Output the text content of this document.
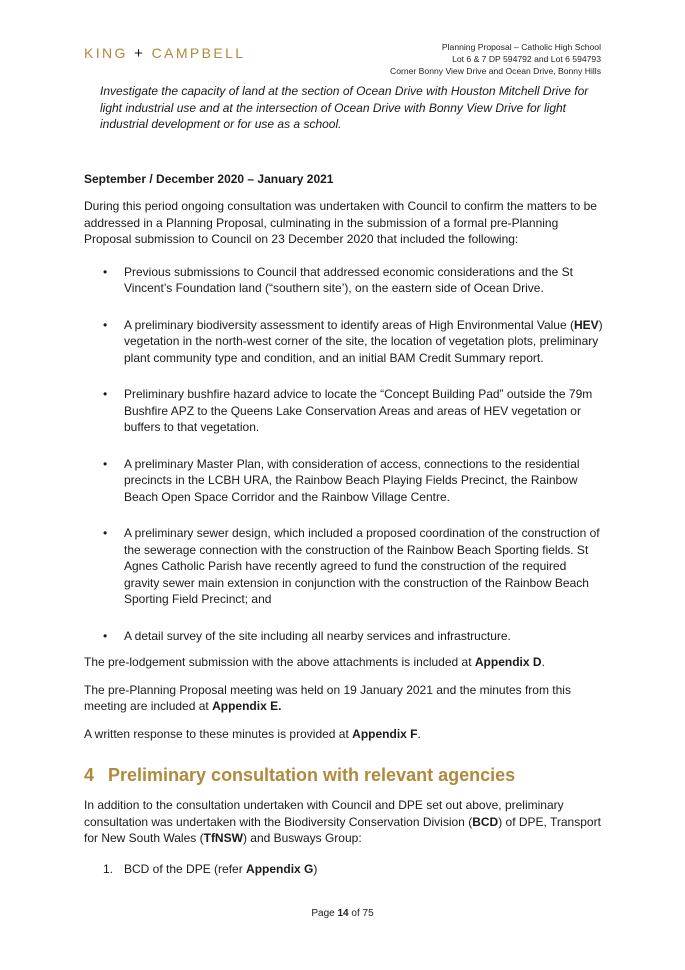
KING + CAMPBELL	Planning Proposal – Catholic High School
Lot 6 & 7 DP 594792 and Lot 6 594793
Corner Bonny View Drive and Ocean Drive, Bonny Hills

Investigate the capacity of land at the section of Ocean Drive with Houston Mitchell Drive for light industrial use and at the intersection of Ocean Drive with Bonny View Drive for light industrial development or for use as a school.

September / December 2020 – January 2021

During this period ongoing consultation was undertaken with Council to confirm the matters to be addressed in a Planning Proposal, culminating in the submission of a formal pre-Planning Proposal submission to Council on 23 December 2020 that included the following:

• Previous submissions to Council that addressed economic considerations and the St Vincent’s Foundation land (“southern site’), on the eastern side of Ocean Drive.
• A preliminary biodiversity assessment to identify areas of High Environmental Value (HEV) vegetation in the north-west corner of the site, the location of vegetation plots, preliminary plant community type and condition, and an initial BAM Credit Summary report.
• Preliminary bushfire hazard advice to locate the “Concept Building Pad” outside the 79m Bushfire APZ to the Queens Lake Conservation Areas and areas of HEV vegetation or buffers to that vegetation.
• A preliminary Master Plan, with consideration of access, connections to the residential precincts in the LCBH URA, the Rainbow Beach Playing Fields Precinct, the Rainbow Beach Open Space Corridor and the Rainbow Village Centre.
• A preliminary sewer design, which included a proposed coordination of the construction of the sewerage connection with the construction of the Rainbow Beach Sporting fields. St Agnes Catholic Parish have recently agreed to fund the construction of the required gravity sewer main extension in conjunction with the construction of the Rainbow Beach Sporting Field Precinct; and
• A detail survey of the site including all nearby services and infrastructure.

The pre-lodgement submission with the above attachments is included at Appendix D.

The pre-Planning Proposal meeting was held on 19 January 2021 and the minutes from this meeting are included at Appendix E.

A written response to these minutes is provided at Appendix F.

4 Preliminary consultation with relevant agencies

In addition to the consultation undertaken with Council and DPE set out above, preliminary consultation was undertaken with the Biodiversity Conservation Division (BCD) of DPE, Transport for New South Wales (TfNSW) and Busways Group:

1. BCD of the DPE (refer Appendix G)
Page 14 of 75
